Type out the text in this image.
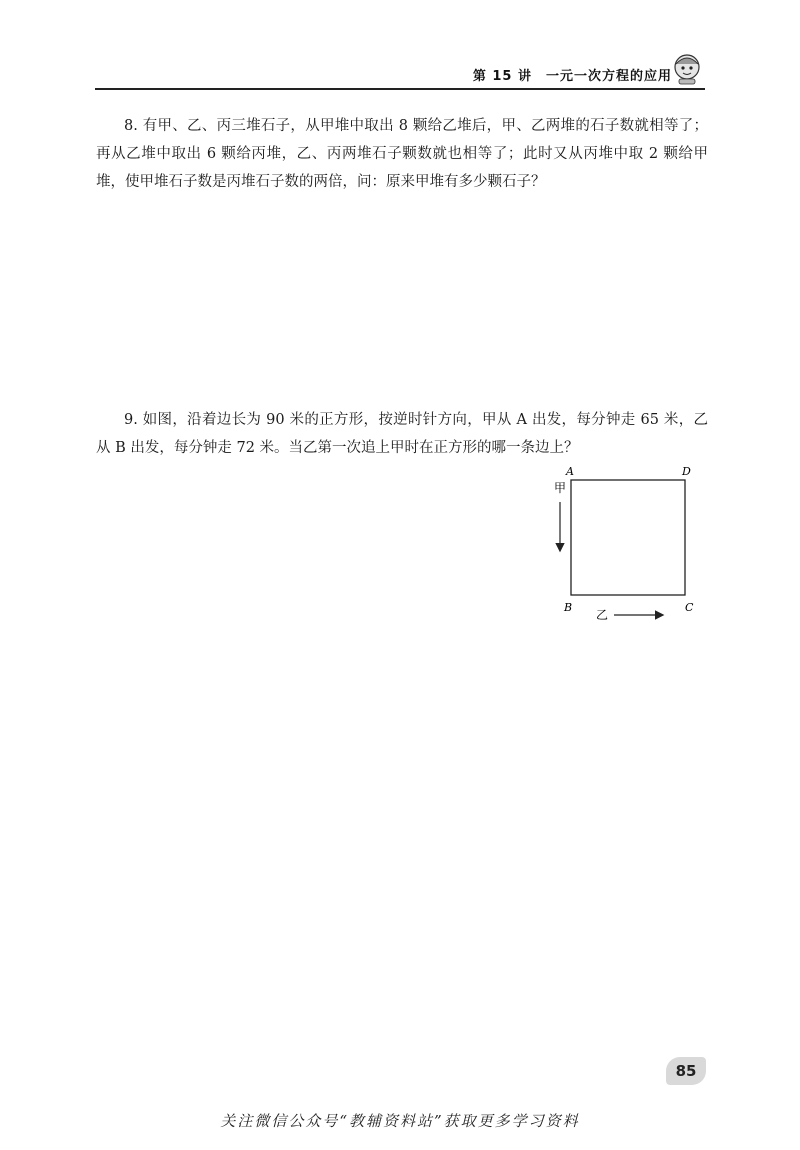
第 15 讲　一元一次方程的应用

8. 有甲、乙、丙三堆石子，从甲堆中取出 8 颗给乙堆后，甲、乙两堆的石子数就相等了；再从乙堆中取出 6 颗给丙堆，乙、丙两堆石子颗数就也相等了；此时又从丙堆中取 2 颗给甲堆，使甲堆石子数是丙堆石子数的两倍，问：原来甲堆有多少颗石子？

9. 如图，沿着边长为 90 米的正方形，按逆时针方向，甲从 A 出发，每分钟走 65 米，乙从 B 出发，每分钟走 72 米。当乙第一次追上甲时在正方形的哪一条边上？

A	D
B	C
甲
乙
85
关注微信公众号“教辅资料站”获取更多学习资料
